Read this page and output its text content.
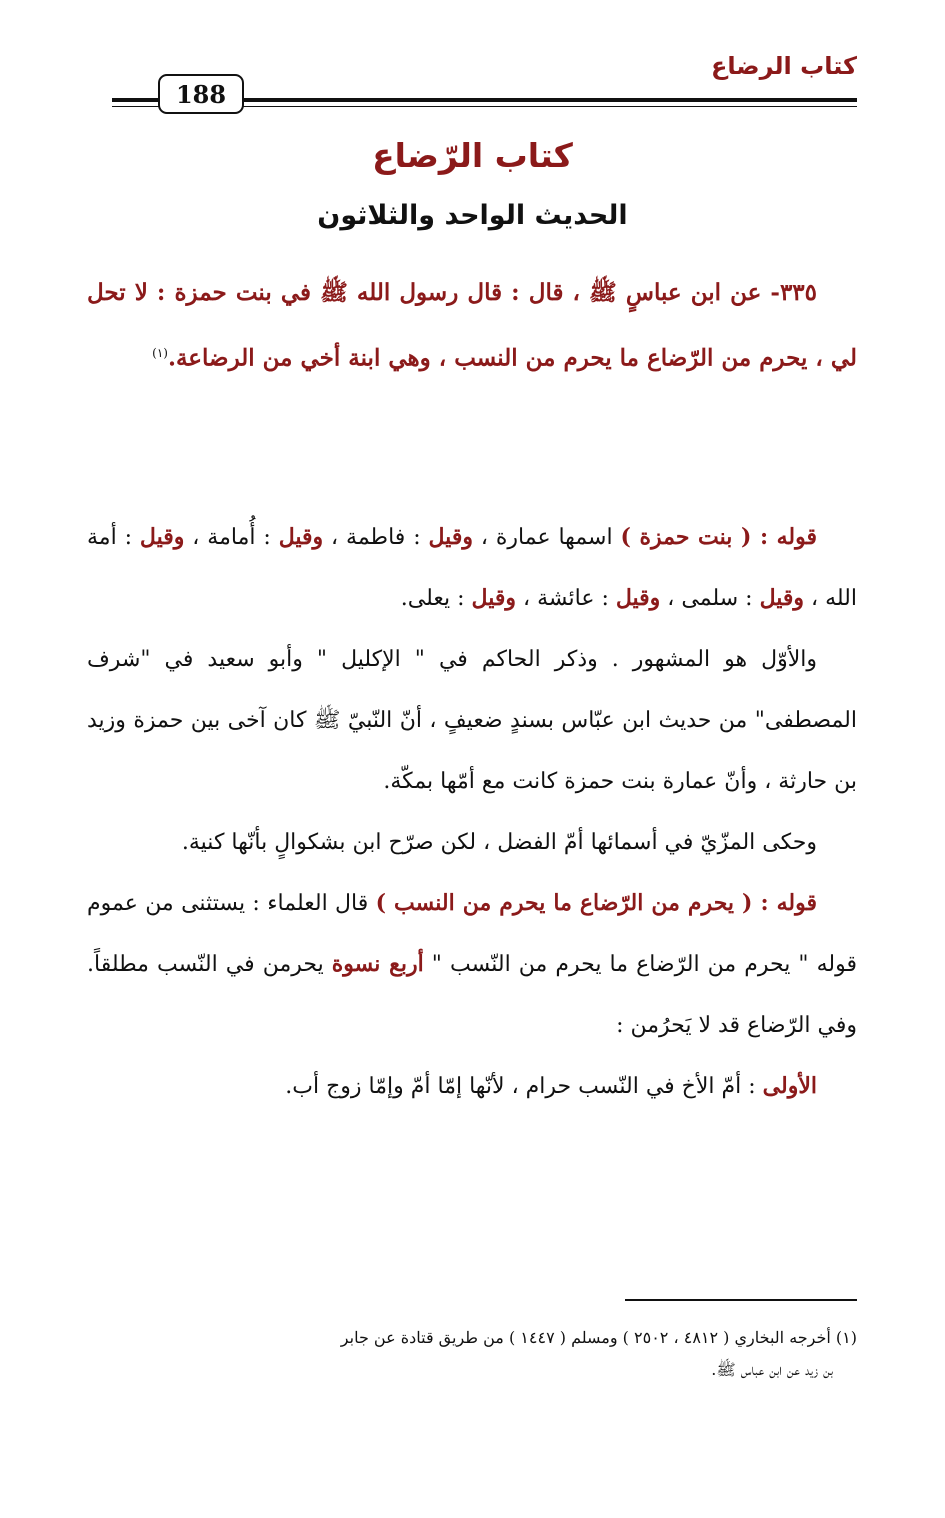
كتاب الرضاع
188
كتاب الرّضاع
الحديث الواحد والثلاثون
٣٣٥- عن ابن عباسٍ ﷺ ، قال : قال رسول الله ﷺ في بنت حمزة : لا تحل لي ، يحرم من الرّضاع ما يحرم من النسب ، وهي ابنة أخي من الرضاعة.$^{(١)}$

قوله : ( بنت حمزة ) اسمها عمارة ، وقيل : فاطمة ، وقيل : أُمامة ، وقيل : أمة الله ، وقيل : سلمى ، وقيل : عائشة ، وقيل : يعلى.

والأوّل هو المشهور . وذكر الحاكم في " الإكليل " وأبو سعيد في "شرف المصطفى" من حديث ابن عبّاس بسندٍ ضعيفٍ ، أنّ النّبيّ ﷺ كان آخى بين حمزة وزيد بن حارثة ، وأنّ عمارة بنت حمزة كانت مع أمّها بمكّة.

وحكى المزّيّ في أسمائها أمّ الفضل ، لكن صرّح ابن بشكوالٍ بأنّها كنية.

قوله : ( يحرم من الرّضاع ما يحرم من النسب ) قال العلماء : يستثنى من عموم قوله " يحرم من الرّضاع ما يحرم من النّسب " أربع نسوة يحرمن في النّسب مطلقاً. وفي الرّضاع قد لا يَحرُمن :

الأولى : أمّ الأخ في النّسب حرام ، لأنّها إمّا أمّ وإمّا زوج أب.

(١) أخرجه البخاري ( ٤٨١٢ ، ٢٥٠٢ ) ومسلم ( ١٤٤٧ ) من طريق قتادة عن جابر
بن زيد عن ابن عباس ﷺ.
